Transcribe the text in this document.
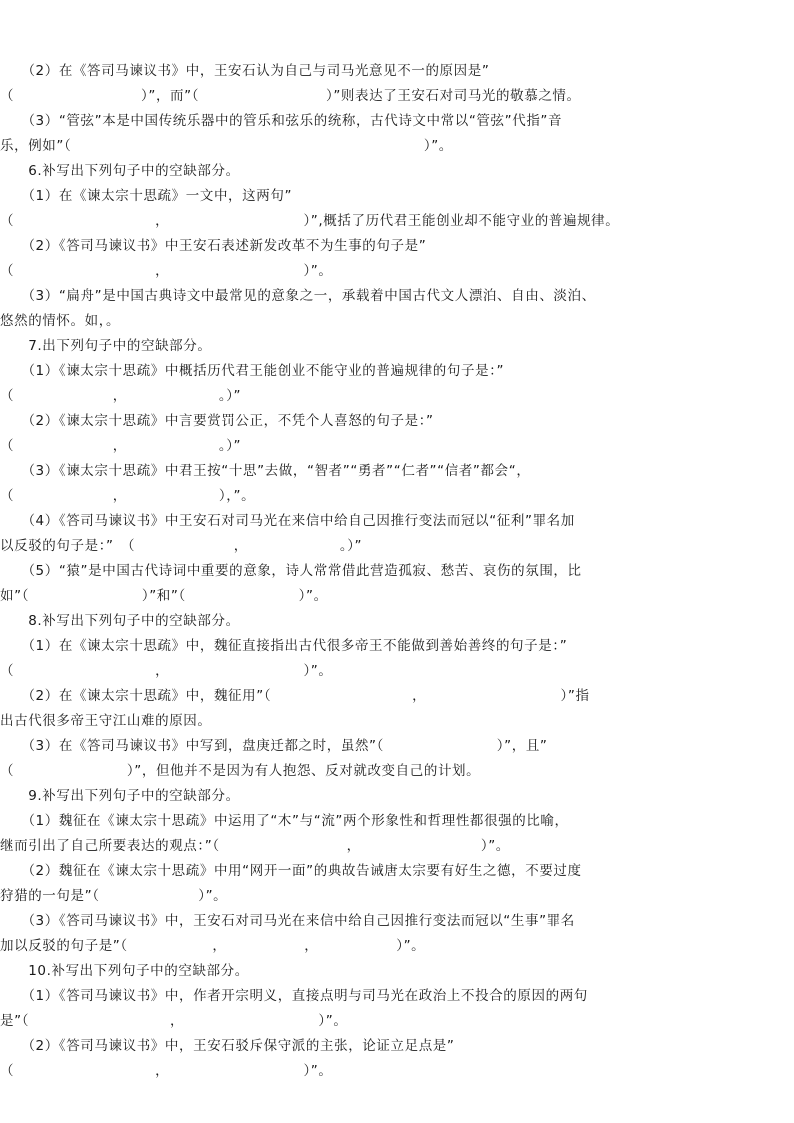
　　（2）在《答司马谏议书》中，王安石认为自己与司马光意见不一的原因是”
（　　　　　　　　　）”，而”（　　　　　　　　　）”则表达了王安石对司马光的敬慕之情。
　　（3）“管弦”本是中国传统乐器中的管乐和弦乐的统称，古代诗文中常以“管弦”代指”音
乐，例如”（　　　　　　　　　　　　　　　　　　　　　　　　　）”。
　　6.补写出下列句子中的空缺部分。
　　（1）在《谏太宗十思疏》一文中，这两句”
（　　　　　　　　　　，　　　　　　　　　　）”,概括了历代君王能创业却不能守业的普遍规律。
　　（2）《答司马谏议书》中王安石表述新发改革不为生事的句子是”
（　　　　　　　　　　，　　　　　　　　　　）”。
　　（3）“扁舟”是中国古典诗文中最常见的意象之一，承载着中国古代文人漂泊、自由、淡泊、
悠然的情怀。如，。
　　7.出下列句子中的空缺部分。
　　（1）《谏太宗十思疏》中概括历代君王能创业不能守业的普遍规律的句子是：”
（　　　　　　　，　　　　　　　。）”
　　（2）《谏太宗十思疏》中言要赏罚公正，不凭个人喜怒的句子是：”
（　　　　　　　，　　　　　　　。）”
　　（3）《谏太宗十思疏》中君王按“十思”去做，“智者”“勇者”“仁者”“信者”都会“，
（　　　　　　　，　　　　　　　），”。
　　（4）《答司马谏议书》中王安石对司马光在来信中给自己因推行变法而冠以“征利”罪名加
以反驳的句子是：”　（　　　　　　　，　　　　　　　。）”
　　（5）“猿”是中国古代诗词中重要的意象，诗人常常借此营造孤寂、愁苦、哀伤的氛围，比
如”（　　　　　　　　）”和”（　　　　　　　　）”。
　　8.补写出下列句子中的空缺部分。
　　（1）在《谏太宗十思疏》中，魏征直接指出古代很多帝王不能做到善始善终的句子是：”
（　　　　　　　　　　，　　　　　　　　　　）”。
　　（2）在《谏太宗十思疏》中，魏征用”（　　　　　　　　　　，　　　　　　　　　　）”指
出古代很多帝王守江山难的原因。
　　（3）在《答司马谏议书》中写到，盘庚迁都之时，虽然”（　　　　　　　　）”，且”
（　　　　　　　　）”，但他并不是因为有人抱怨、反对就改变自己的计划。
　　9.补写出下列句子中的空缺部分。
　　（1）魏征在《谏太宗十思疏》中运用了“木”与“流”两个形象性和哲理性都很强的比喻，
继而引出了自己所要表达的观点：”（　　　　　　　　　，　　　　　　　　　）”。
　　（2）魏征在《谏太宗十思疏》中用“网开一面”的典故告诫唐太宗要有好生之德，不要过度
狩猎的一句是”（　　　　　　　）”。
　　（3）《答司马谏议书》中，王安石对司马光在来信中给自己因推行变法而冠以“生事”罪名
加以反驳的句子是”（　　　　　　，　　　　　　，　　　　　　）”。
　　10.补写出下列句子中的空缺部分。
　　（1）《答司马谏议书》中，作者开宗明义，直接点明与司马光在政治上不投合的原因的两句
是”（　　　　　　　　　　，　　　　　　　　　　）”。
　　（2）《答司马谏议书》中，王安石驳斥保守派的主张，论证立足点是”
（　　　　　　　　　　，　　　　　　　　　　）”。
